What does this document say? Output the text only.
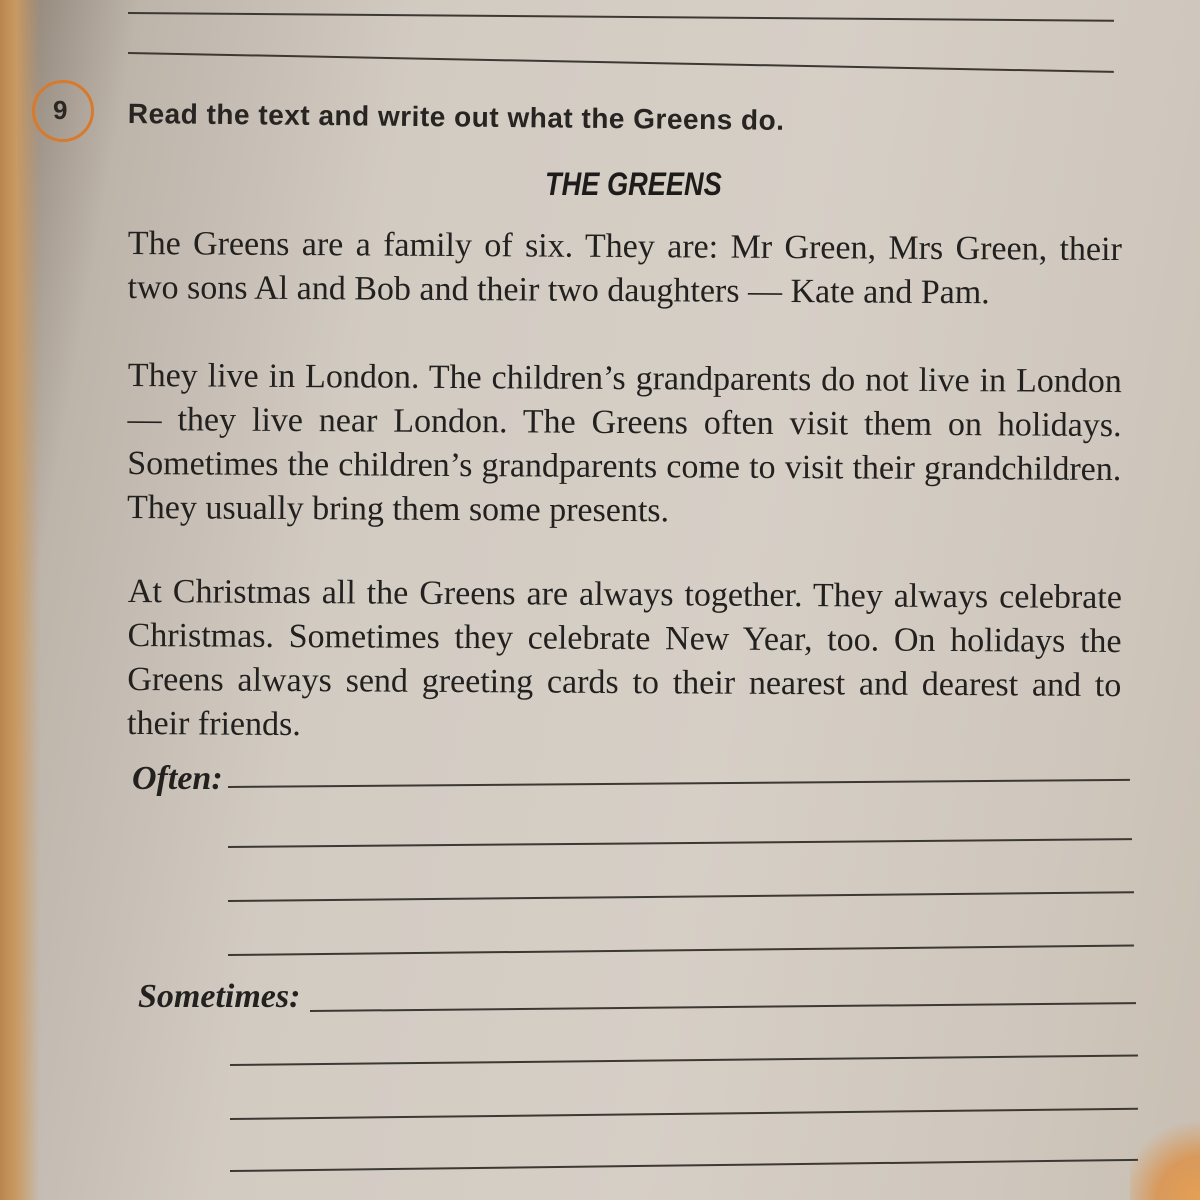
9 Read the text and write out what the Greens do.
THE GREENS
The Greens are a family of six. They are: Mr Green, Mrs Green, their two sons Al and Bob and their two daughters — Kate and Pam.
They live in London. The children’s grandparents do not live in London — they live near London. The Greens often visit them on holidays. Sometimes the children’s grandparents come to visit their grandchildren. They usually bring them some presents.
At Christmas all the Greens are always together. They always celebrate Christmas. Sometimes they celebrate New Year, too. On holidays the Greens always send greeting cards to their nearest and dearest and to their friends.
Often:
Sometimes:
